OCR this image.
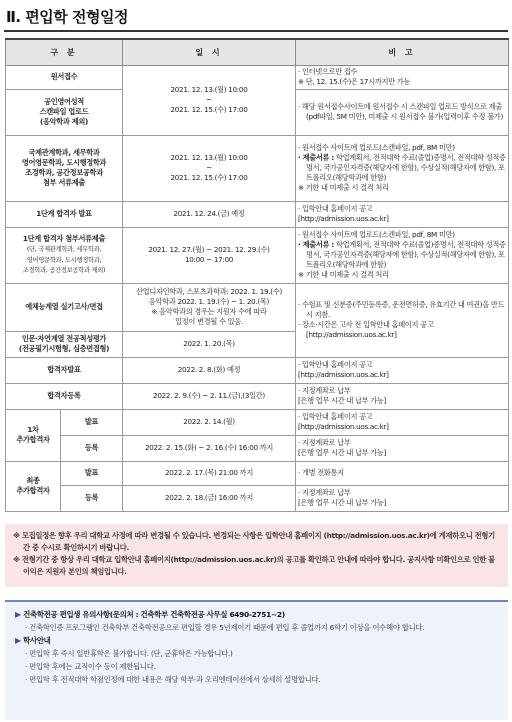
Ⅱ. 편입학 전형일정
구 분		일 시	비 고
원서접수		2021. 12. 13.(월) 10:00
~
2021. 12. 15.(수) 17:00	· 인터넷으로만 접수
※ 단, 12. 15.(수)은 17시까지만 가능

공인영어성적
스캔파일 업로드
(음악학과 제외)			· 해당 원서접수사이트에 원서접수 시 스캔파일 업로드 방식으로 제출(pdf파일, 5M 미만), 미제출 시 원서접수 불가(입력이후 수정 불가)

국제관계학과, 세무학과
영어영문학과, 도시행정학과
조경학과, 공간정보공학과
첨부 서류제출		2021. 12. 13.(월) 10:00
~
2021. 12. 15.(수) 17:00	· 원서접수 사이트에 업로드(스캔파일, pdf, 8M 미만)
· 제출서류 : 학업계획서, 전적대학 수료(졸업)증명서, 전적대학 성적증명서, 국가공인자격증(해당자에 한함), 수상실적(해당자에 한함), 포트폴리오(해당학과에 한함)
※ 기한 내 미제출 시 결격 처리

1단계 합격자 발표		2021. 12. 24.(금) 예정	· 입학안내 홈페이지 공고
[http://admission.uos.ac.kr]

1단계 합격자 첨부서류제출
(단, 국제관계학과, 세무학과,
영어영문학과, 도시행정학과,
조경학과, 공간정보공학과 제외)		2021. 12. 27.(월) ~ 2021. 12. 29.(수)
10:00 ~ 17:00	· 원서접수 사이트에 업로드(스캔파일, pdf, 8M 미만)
· 제출서류 : 학업계획서, 전적대학 수료(졸업)증명서, 전적대학 성적증명서, 국가공인자격증(해당자에 한함), 수상실적(해당자에 한함), 포트폴리오(해당학과에 한함)
※ 기한 내 미제출 시 결격 처리

예체능계열 실기고사/면접		산업디자인학과, 스포츠과학과: 2022. 1. 19.(수)
음악학과 2022. 1. 19.(수) ~ 1. 20.(목)
※ 음악학과의 경우는 지원자 수에 따라
일정이 변경될 수 있음.	· 수험표 및 신분증(주민등록증, 운전면허증, 유효기간 내 여권)을 반드시 지참.
· 장소·시간은 고사 전 입학안내 홈페이지 공고 [http://admission.uos.ac.kr]

인문·자연계열 전공적성평가
(전공필기시험형, 심층면접형)		2022. 1. 20.(목)	
합격자발표		2022. 2. 8.(화) 예정	· 입학안내 홈페이지 공고
[http://admission.uos.ac.kr]

합격자등록		2022. 2. 9.(수) ~ 2. 11.(금),(3일간)	· 지정계좌로 납부
[은행 업무 시간 내 납부 가능]

1차
추가합격자	발표	2022. 2. 14.(월)	· 입학안내 홈페이지 공고
[http://admission.uos.ac.kr]

	등록	2022. 2. 15.(화) ~ 2. 16.(수) 16:00 까지	· 지정계좌로 납부
[은행 업무 시간 내 납부 가능]

최종
추가합격자	발표	2022. 2. 17.(목) 21:00 까지	· 개별 전화통지

	등록	2022. 2. 18.(금) 16:00 까지	· 지정계좌로 납부
[은행 업무 시간 내 납부 가능]

※ 모집일정은 향후 우리 대학교 사정에 따라 변경될 수 있습니다. 변경되는 사항은 입학안내 홈페이지 (http://admission.uos.ac.kr)에 게재하오니 전형기간 중 수시로 확인하시기 바랍니다.

※ 전형기간 중 항상 우리 대학교 입학안내 홈페이지(http://admission.uos.ac.kr)의 공고를 확인하고 안내에 따라야 합니다. 공지사항 미확인으로 인한 불이익은 지원자 본인의 책임입니다.

▶ 건축학전공 편입생 유의사항(문의처 : 건축학부 건축학전공 사무실 6490-2751~2)
· 건축학인증 프로그램인 건축학부 건축학전공으로 편입할 경우 5년제이기 때문에 편입 후 졸업까지 6학기 이상을 이수해야 합니다.
▶ 학사안내
· 편입학 후 즉시 일반휴학은 불가합니다. (단, 군휴학은 가능합니다.)
· 편입학 후에는 교직이수 등이 제한됩니다.
· 편입학 후 전적대학 학점인정에 대한 내용은 해당 학부·과 오리엔테이션에서 상세히 설명합니다.
